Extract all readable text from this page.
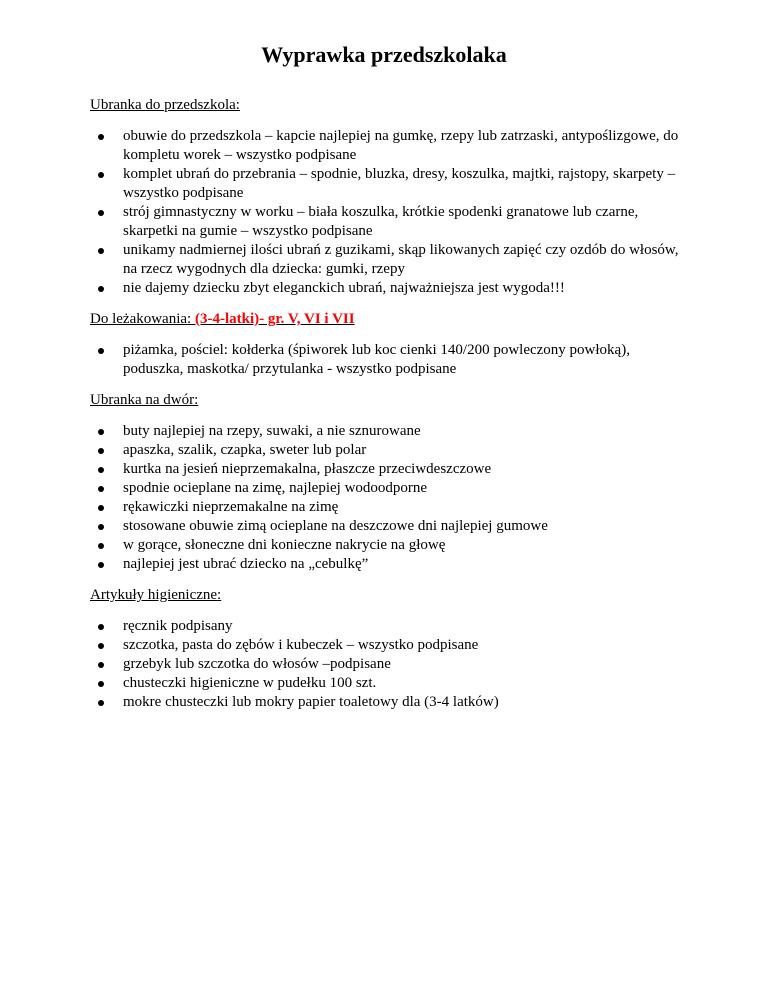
Wyprawka przedszkolaka

Ubranka do przedszkola:

obuwie do przedszkola – kapcie najlepiej na gumkę, rzepy lub zatrzaski, antypoślizgowe, do kompletu worek – wszystko podpisane
komplet ubrań do przebrania – spodnie, bluzka, dresy, koszulka, majtki, rajstopy, skarpety – wszystko podpisane
strój gimnastyczny w worku – biała koszulka, krótkie spodenki granatowe lub czarne, skarpetki na gumie – wszystko podpisane
unikamy nadmiernej ilości ubrań z guzikami, skąp likowanych zapięć czy ozdób do włosów, na rzecz wygodnych dla dziecka: gumki, rzepy
nie dajemy dziecku zbyt eleganckich ubrań, najważniejsza jest wygoda!!!

Do leżakowania: (3-4-latki)- gr. V, VI i VII

piżamka, pościel: kołderka (śpiworek lub koc cienki 140/200 powleczony powłoką), poduszka, maskotka/ przytulanka - wszystko podpisane

Ubranka na dwór:

buty najlepiej na rzepy, suwaki, a nie sznurowane
apaszka, szalik, czapka, sweter lub polar
kurtka na jesień nieprzemakalna, płaszcze przeciwdeszczowe
spodnie ocieplane na zimę, najlepiej wodoodporne
rękawiczki nieprzemakalne na zimę
stosowane obuwie zimą ocieplane na deszczowe dni najlepiej gumowe
w gorące, słoneczne dni konieczne nakrycie na głowę
najlepiej jest ubrać dziecko na „cebulkę”

Artykuły higieniczne:

ręcznik podpisany
szczotka, pasta do zębów i kubeczek – wszystko podpisane
grzebyk lub szczotka do włosów –podpisane
chusteczki higieniczne w pudełku 100 szt.
mokre chusteczki lub mokry papier toaletowy dla (3-4 latków)
